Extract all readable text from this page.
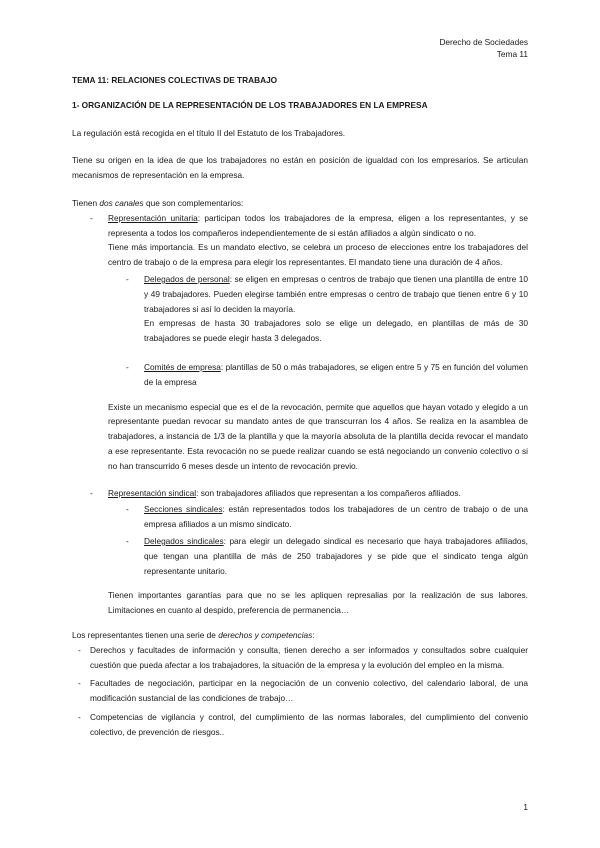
Derecho de Sociedades
Tema 11

TEMA 11: RELACIONES COLECTIVAS DE TRABAJO

1- ORGANIZACIÓN DE LA REPRESENTACIÓN DE LOS TRABAJADORES EN LA EMPRESA

La regulación está recogida en el título II del Estatuto de los Trabajadores.

Tiene su origen en la idea de que los trabajadores no están en posición de igualdad con los empresarios. Se articulan mecanismos de representación en la empresa.

Tienen dos canales que son complementarios:

- Representación unitaria: participan todos los trabajadores de la empresa, eligen a los representantes, y se representa a todos los compañeros independientemente de si están afiliados a algún sindicato o no.

Tiene más importancia. Es un mandato electivo, se celebra un proceso de elecciones entre los trabajadores del centro de trabajo o de la empresa para elegir los representantes. El mandato tiene una duración de 4 años.

- Delegados de personal: se eligen en empresas o centros de trabajo que tienen una plantilla de entre 10 y 49 trabajadores. Pueden elegirse también entre empresas o centro de trabajo que tienen entre 6 y 10 trabajadores si así lo deciden la mayoría.

En empresas de hasta 30 trabajadores solo se elige un delegado, en plantillas de más de 30 trabajadores se puede elegir hasta 3 delegados.

- Comités de empresa: plantillas de 50 o más trabajadores, se eligen entre 5 y 75 en función del volumen de la empresa

Existe un mecanismo especial que es el de la revocación, permite que aquellos que hayan votado y elegido a un representante puedan revocar su mandato antes de que transcurran los 4 años. Se realiza en la asamblea de trabajadores, a instancia de 1/3 de la plantilla y que la mayoría absoluta de la plantilla decida revocar el mandato a ese representante. Esta revocación no se puede realizar cuando se está negociando un convenio colectivo o si no han transcurrido 6 meses desde un intento de revocación previo.

- Representación sindical: son trabajadores afiliados que representan a los compañeros afiliados.

- Secciones sindicales: están representados todos los trabajadores de un centro de trabajo o de una empresa afiliados a un mismo sindicato.

- Delegados sindicales: para elegir un delegado sindical es necesario que haya trabajadores afiliados, que tengan una plantilla de más de 250 trabajadores y se pide que el sindicato tenga algún representante unitario.

Tienen importantes garantías para que no se les apliquen represalias por la realización de sus labores. Limitaciones en cuanto al despido, preferencia de permanencia…

Los representantes tienen una serie de derechos y competencias:

- Derechos y facultades de información y consulta, tienen derecho a ser informados y consultados sobre cualquier cuestión que pueda afectar a los trabajadores, la situación de la empresa y la evolución del empleo en la misma.

- Facultades de negociación, participar en la negociación de un convenio colectivo, del calendario laboral, de una modificación sustancial de las condiciones de trabajo…

- Competencias de vigilancia y control, del cumplimiento de las normas laborales, del cumplimiento del convenio colectivo, de prevención de riesgos..

1
